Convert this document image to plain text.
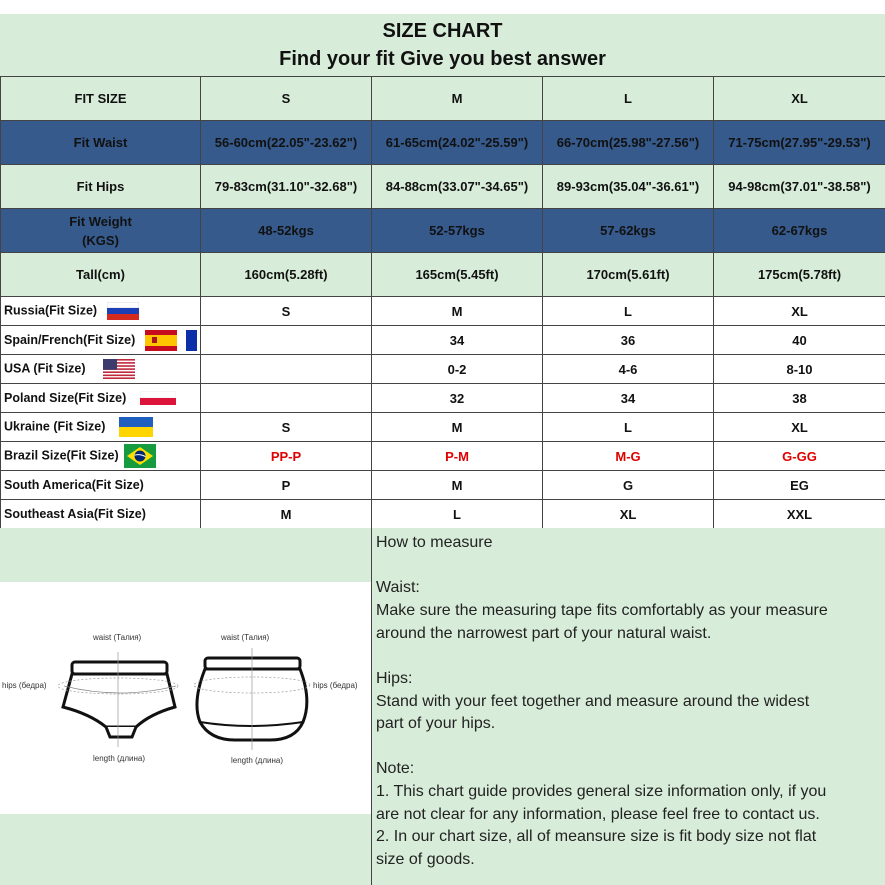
SIZE CHART
Find your fit Give you best answer
FIT SIZE	S	M	L	XL
Fit Waist	56-60cm(22.05"-23.62")	61-65cm(24.02"-25.59")	66-70cm(25.98"-27.56")	71-75cm(27.95"-29.53")
Fit Hips	79-83cm(31.10"-32.68")	84-88cm(33.07"-34.65")	89-93cm(35.04"-36.61")	94-98cm(37.01"-38.58")
Fit Weight
(KGS)	48-52kgs	52-57kgs	57-62kgs	62-67kgs
Tall(cm)	160cm(5.28ft)	165cm(5.45ft)	170cm(5.61ft)	175cm(5.78ft)
Russia(Fit Size)	S	M	L	XL
Spain/French(Fit Size)		34	36	40
USA (Fit Size)		0-2	4-6	8-10
Poland Size(Fit Size)		32	34	38
Ukraine (Fit Size)	S	M	L	XL
Brazil Size(Fit Size)	PP-P	P-M	M-G	G-GG
South America(Fit Size)	P	M	G	EG
Southeast Asia(Fit Size)	M	L	XL	XXL
waist (Талия)	waist (Талия)
hips (бедра)	hips (бедра)
length (длина)	length (длина)
How to measure
Waist:
Make sure the measuring tape fits comfortably as your measure
around the narrowest part of your natural waist.
Hips:
Stand with your feet together and measure around the widest
part of your hips.
Note:
1. This chart guide provides general size information only, if you
are not clear for any information, please feel free to contact us.
2. In our chart size, all of meansure size is fit body size not flat
size of goods.
